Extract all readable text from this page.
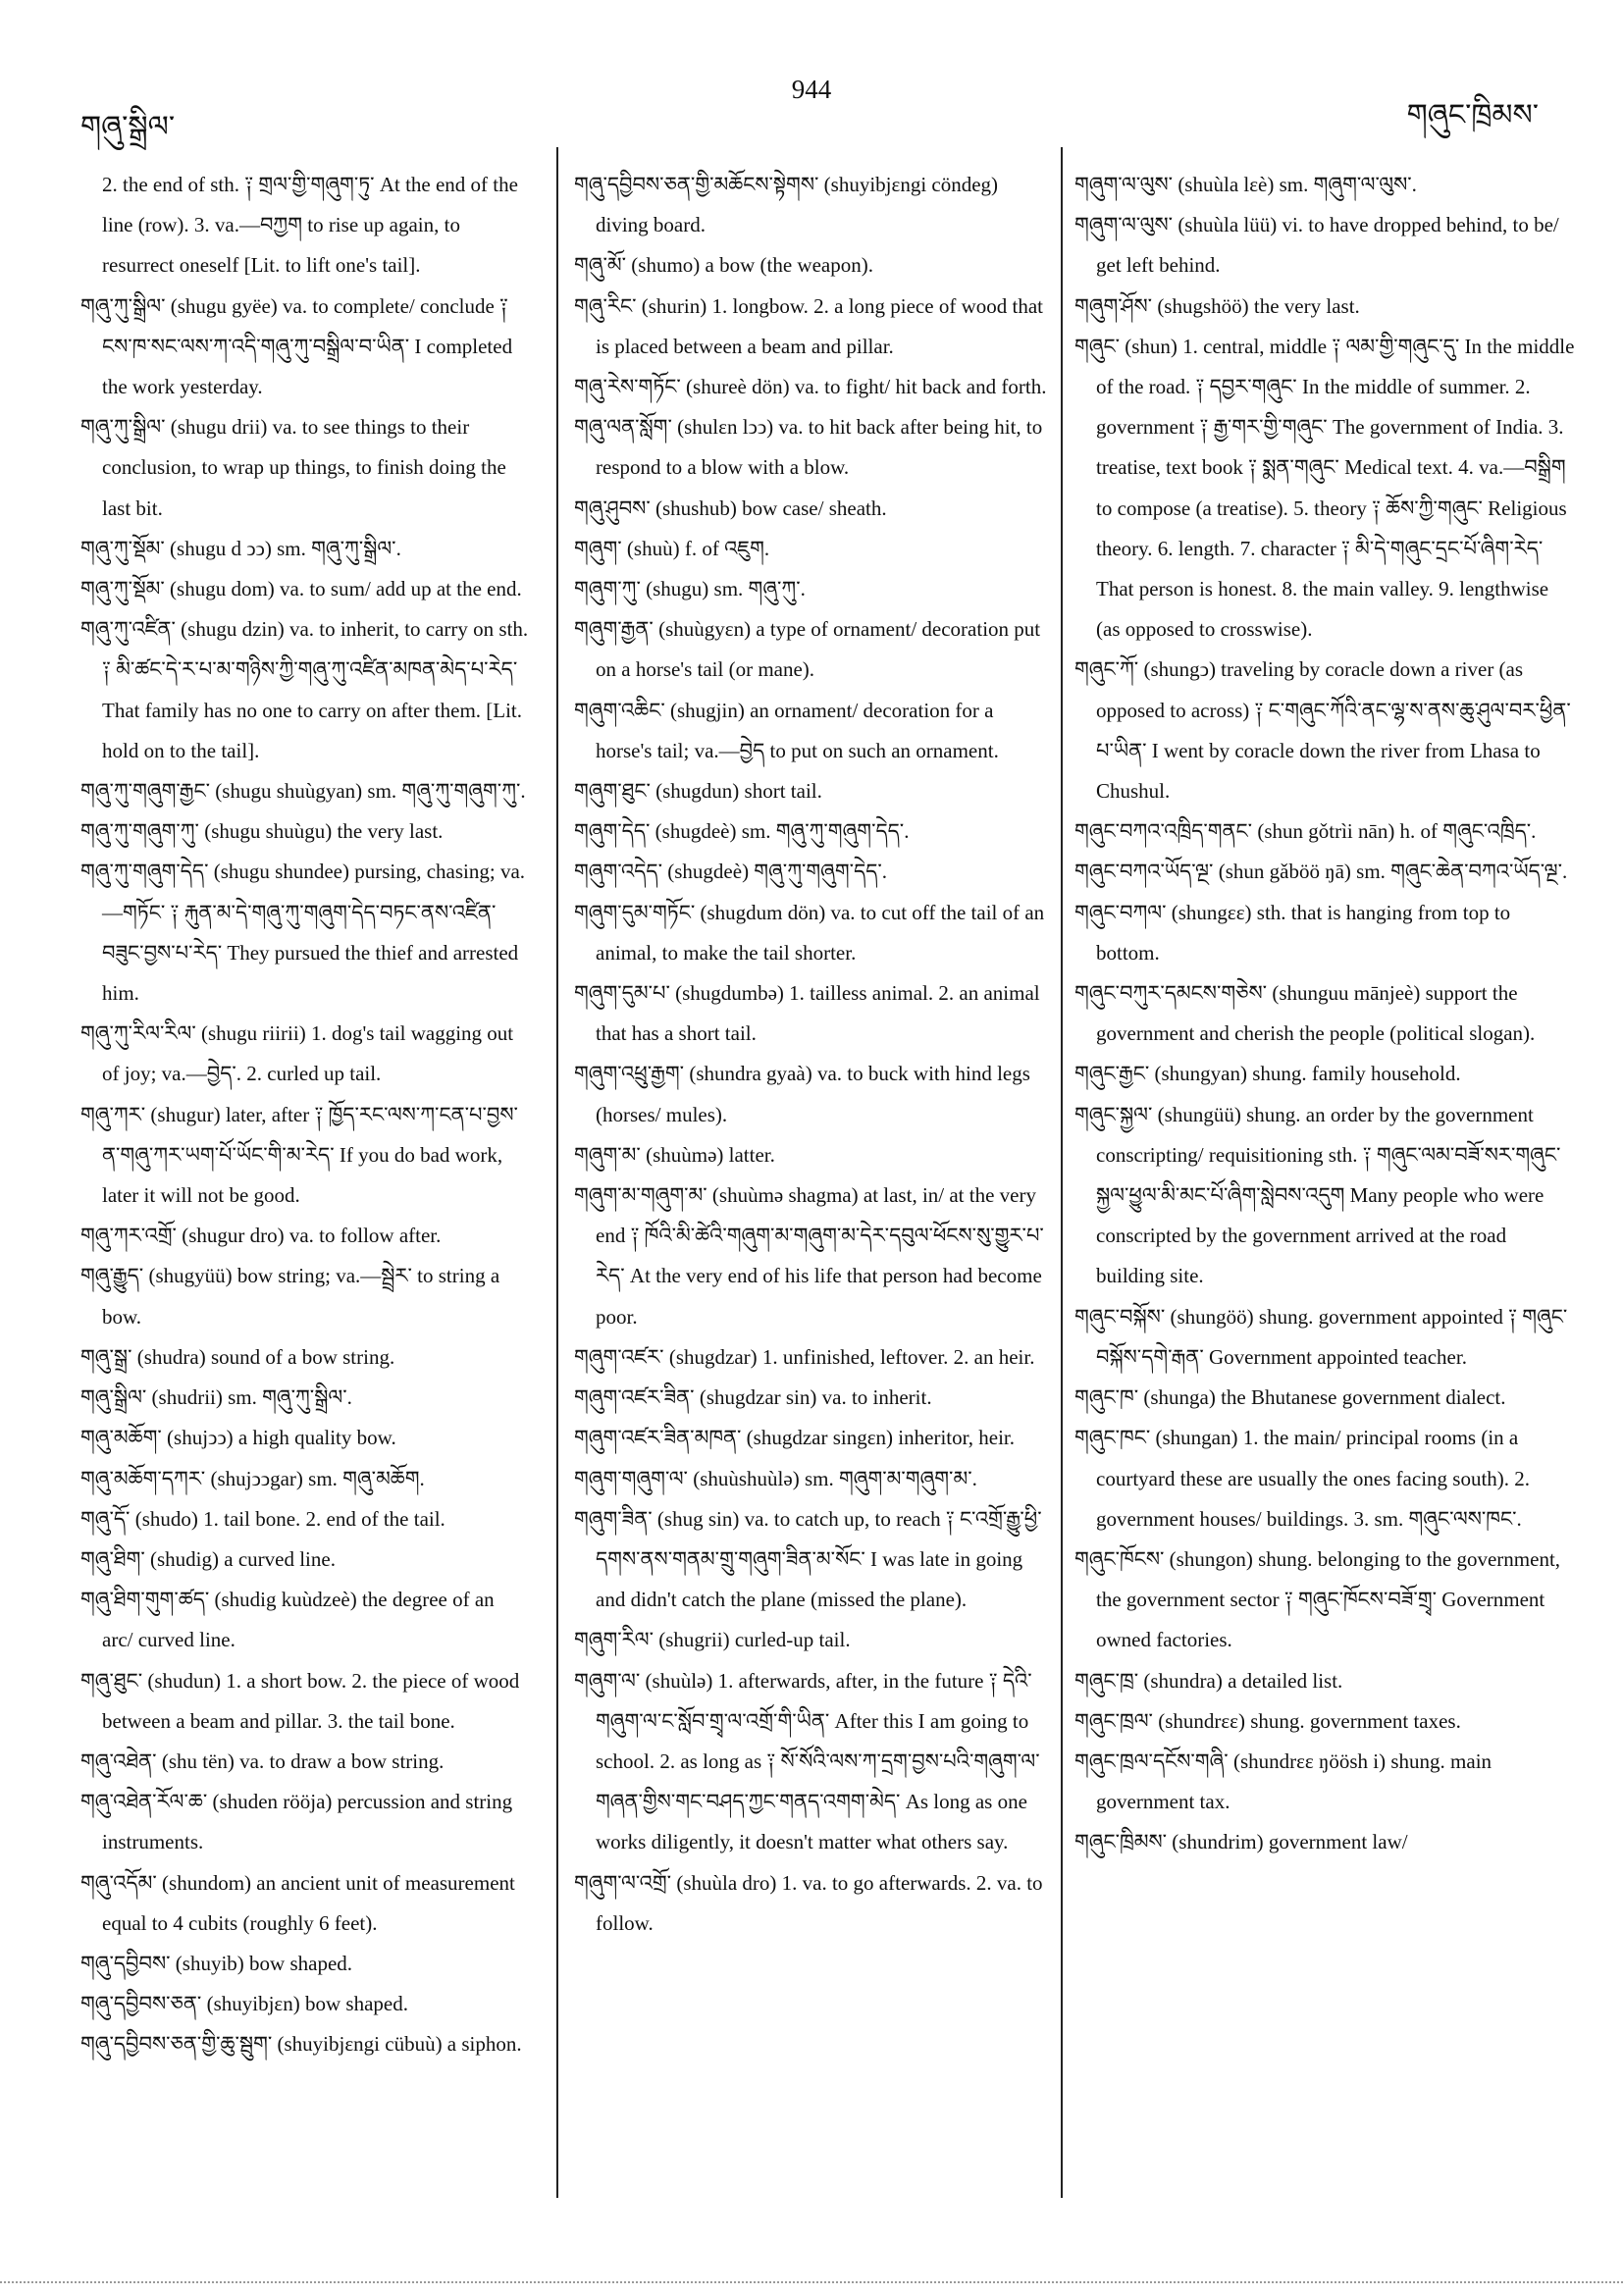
གཞུ་སྒྲིལ་
944
གཞུང་ཁྲིམས་
2. the end of sth. ༑ གྲལ་གྱི་གཞུག་ཏུ་ At the end of the line (row). 3. va.—བཀྱག to rise up again, to resurrect oneself [Lit. to lift one's tail].
གཞུ་ཀུ་སྒྲིལ་ (shugu gyëe) va. to complete/ conclude ༑ ངས་ཁ་སང་ལས་ཀ་འདི་གཞུ་ཀུ་བསྒྲིལ་བ་ཡིན་ I completed the work yesterday.
གཞུ་ཀུ་སྒྲིལ་ (shugu drii) va. to see things to their conclusion, to wrap up things, to finish doing the last bit.
གཞུ་ཀུ་སྡོམ་ (shugu d ͻͻ) sm. གཞུ་ཀུ་སྒྲིལ་.
གཞུ་ཀུ་སྡོམ་ (shugu dom) va. to sum/ add up at the end.
གཞུ་ཀུ་འཛིན་ (shugu dzin) va. to inherit, to carry on sth. ༑ མི་ཚང་དེ་ར་པ་མ་གཉིས་ཀྱི་གཞུ་ཀུ་འཛིན་མཁན་མེད་པ་རེད་ That family has no one to carry on after them. [Lit. hold on to the tail].
གཞུ་ཀུ་གཞུག་རྒྱང་ (shugu shuùgyan) sm. གཞུ་ཀུ་གཞུག་ཀུ་.
གཞུ་ཀུ་གཞུག་ཀུ་ (shugu shuùgu) the very last.
གཞུ་ཀུ་གཞུག་དེད་ (shugu shundee) pursing, chasing; va.—གཏོང་ ༑ རྐུན་མ་དེ་གཞུ་ཀུ་གཞུག་དེད་བཏང་ནས་འཛིན་བཟུང་བྱས་པ་རེད་ They pursued the thief and arrested him.
གཞུ་ཀུ་རིལ་རིལ་ (shugu riirii) 1. dog's tail wagging out of joy; va.—བྱེད་. 2. curled up tail.
གཞུ་ཀར་ (shugur) later, after ༑ ཁྱོད་རང་ལས་ཀ་ངན་པ་བྱས་ན་གཞུ་ཀར་ཡག་པོ་ཡོང་གི་མ་རེད་ If you do bad work, later it will not be good.
གཞུ་ཀར་འགྲོ་ (shugur dro) va. to follow after.
གཞུ་རྒྱུད་ (shugyüü) bow string; va.—སྦྲེར་ to string a bow.
གཞུ་སྒྲ་ (shudra) sound of a bow string.
གཞུ་སྒྲིལ་ (shudrii) sm. གཞུ་ཀུ་སྒྲིལ་.
གཞུ་མཆོག་ (shujͻͻ) a high quality bow.
གཞུ་མཆོག་དཀར་ (shujͻͻgar) sm. གཞུ་མཆོག.
གཞུ་དོ་ (shudo) 1. tail bone. 2. end of the tail.
གཞུ་ཐིག་ (shudig) a curved line.
གཞུ་ཐིག་གུག་ཚད་ (shudig kuùdzeè) the degree of an arc/ curved line.
གཞུ་ཐུང་ (shudun) 1. a short bow. 2. the piece of wood between a beam and pillar. 3. the tail bone.
གཞུ་འཐེན་ (shu tën) va. to draw a bow string.
གཞུ་འཐེན་རོལ་ཆ་ (shuden rööja) percussion and string instruments.
གཞུ་འདོམ་ (shundom) an ancient unit of measurement equal to 4 cubits (roughly 6 feet).
གཞུ་དབྱིབས་ (shuyib) bow shaped.
གཞུ་དབྱིབས་ཅན་ (shuyibjεn) bow shaped.
གཞུ་དབྱིབས་ཅན་གྱི་ཆུ་སྦུག་ (shuyibjεngi cübuù) a siphon.
གཞུ་དབྱིབས་ཅན་གྱི་མཆོངས་སྟེགས་ (shuyibjεngi cöndeg) diving board.
གཞུ་མོ་ (shumo) a bow (the weapon).
གཞུ་རིང་ (shurin) 1. longbow. 2. a long piece of wood that is placed between a beam and pillar.
གཞུ་རེས་གཏོང་ (shureè dön) va. to fight/ hit back and forth.
གཞུ་ལན་སློག་ (shulεn lͻͻ) va. to hit back after being hit, to respond to a blow with a blow.
གཞུ་ཤུབས་ (shushub) bow case/ sheath.
གཞུག་ (shuù) f. of འཇུག.
གཞུག་ཀུ་ (shugu) sm. གཞུ་ཀུ་.
གཞུག་རྒྱན་ (shuùgyεn) a type of ornament/ decoration put on a horse's tail (or mane).
གཞུག་འཆིང་ (shugjin) an ornament/ decoration for a horse's tail; va.—བྱེད to put on such an ornament.
གཞུག་ཐུང་ (shugdun) short tail.
གཞུག་དེད་ (shugdeè) sm. གཞུ་ཀུ་གཞུག་དེད་.
གཞུག་འདེད་ (shugdeè) གཞུ་ཀུ་གཞུག་དེད་.
གཞུག་དུམ་གཏོང་ (shugdum dön) va. to cut off the tail of an animal, to make the tail shorter.
གཞུག་དུམ་པ་ (shugdumbə) 1. tailless animal. 2. an animal that has a short tail.
གཞུག་འཕྲུ་རྒྱག་ (shundra gyaà) va. to buck with hind legs (horses/ mules).
གཞུག་མ་ (shuùmə) latter.
གཞུག་མ་གཞུག་མ་ (shuùmə shagma) at last, in/ at the very end ༑ ཁོའི་མི་ཚེའི་གཞུག་མ་གཞུག་མ་དེར་དབུལ་ཕོངས་སུ་གྱུར་པ་རེད་ At the very end of his life that person had become poor.
གཞུག་འཛར་ (shugdzar) 1. unfinished, leftover. 2. an heir.
གཞུག་འཛར་ཟིན་ (shugdzar sin) va. to inherit.
གཞུག་འཛར་ཟིན་མཁན་ (shugdzar singεn) inheritor, heir.
གཞུག་གཞུག་ལ་ (shuùshuùlə) sm. གཞུག་མ་གཞུག་མ་.
གཞུག་ཟིན་ (shug sin) va. to catch up, to reach ༑ ང་འགྲོ་རྒྱུ་ཕྱི་དགས་ནས་གནམ་གྲུ་གཞུག་ཟིན་མ་སོང་ I was late in going and didn't catch the plane (missed the plane).
གཞུག་རིལ་ (shugrii) curled-up tail.
གཞུག་ལ་ (shuùlə) 1. afterwards, after, in the future ༑ དེའི་གཞུག་ལ་ང་སློབ་གྲྭ་ལ་འགྲོ་གི་ཡིན་ After this I am going to school. 2. as long as ༑ སོ་སོའི་ལས་ཀ་དྲག་བྱས་པའི་གཞུག་ལ་གཞན་གྱིས་གང་བཤད་ཀྱང་གནད་འགག་མེད་ As long as one works diligently, it doesn't matter what others say.
གཞུག་ལ་འགྲོ་ (shuùla dro) 1. va. to go afterwards. 2. va. to follow.
གཞུག་ལ་ལུས་ (shuùla lεè) sm. གཞུག་ལ་ལུས་.
གཞུག་ལ་ལུས་ (shuùla lüü) vi. to have dropped behind, to be/ get left behind.
གཞུག་ཤོས་ (shugshöö) the very last.
གཞུང་ (shun) 1. central, middle ༑ ལམ་གྱི་གཞུང་དུ་ In the middle of the road. ༑ དབྱར་གཞུང་ In the middle of summer. 2. government ༑ རྒྱ་གར་གྱི་གཞུང་ The government of India. 3. treatise, text book ༑ སྨན་གཞུང་ Medical text. 4. va.—བསྒྲིག to compose (a treatise). 5. theory ༑ ཆོས་ཀྱི་གཞུང་ Religious theory. 6. length. 7. character ༑ མི་དེ་གཞུང་དྲང་པོ་ཞིག་རེད་ That person is honest. 8. the main valley. 9. lengthwise (as opposed to crosswise).
གཞུང་ཀོ་ (shungͻ) traveling by coracle down a river (as opposed to across) ༑ ང་གཞུང་ཀོའི་ནང་ལྷ་ས་ནས་ཆུ་ཤུལ་བར་ཕྱིན་པ་ཡིན་ I went by coracle down the river from Lhasa to Chushul.
གཞུང་བཀའ་འཁྲིད་གནང་ (shun gǒtrìi nān) h. of གཞུང་འཁྲིད་.
གཞུང་བཀའ་ཡོད་ལྔ་ (shun gǎböö ŋā) sm. གཞུང་ཆེན་བཀའ་ཡོད་ལྔ་.
གཞུང་བཀལ་ (shungεε) sth. that is hanging from top to bottom.
གཞུང་བཀུར་དམངས་གཅེས་ (shunguu mānjeè) support the government and cherish the people (political slogan).
གཞུང་རྒྱང་ (shungyan) shung. family household.
གཞུང་སྐྱལ་ (shungüü) shung. an order by the government conscripting/ requisitioning sth. ༑ གཞུང་ལམ་བཟོ་སར་གཞུང་སྐྱལ་ཕྱུལ་མི་མང་པོ་ཞིག་སླེབས་འདུག Many people who were conscripted by the government arrived at the road building site.
གཞུང་བསྐོས་ (shungöö) shung. government appointed ༑ གཞུང་བསྐོས་དགེ་རྒན་ Government appointed teacher.
གཞུང་ཁ་ (shunga) the Bhutanese government dialect.
གཞུང་ཁང་ (shungan) 1. the main/ principal rooms (in a courtyard these are usually the ones facing south). 2. government houses/ buildings. 3. sm. གཞུང་ལས་ཁང་.
གཞུང་ཁོངས་ (shungon) shung. belonging to the government, the government sector ༑ གཞུང་ཁོངས་བཟོ་གྲྭ་ Government owned factories.
གཞུང་ཁྲ་ (shundra) a detailed list.
གཞུང་ཁྲལ་ (shundrεε) shung. government taxes.
གཞུང་ཁྲལ་དངོས་གཞི་ (shundrεε ŋöösh i) shung. main government tax.
གཞུང་ཁྲིམས་ (shundrim) government law/
